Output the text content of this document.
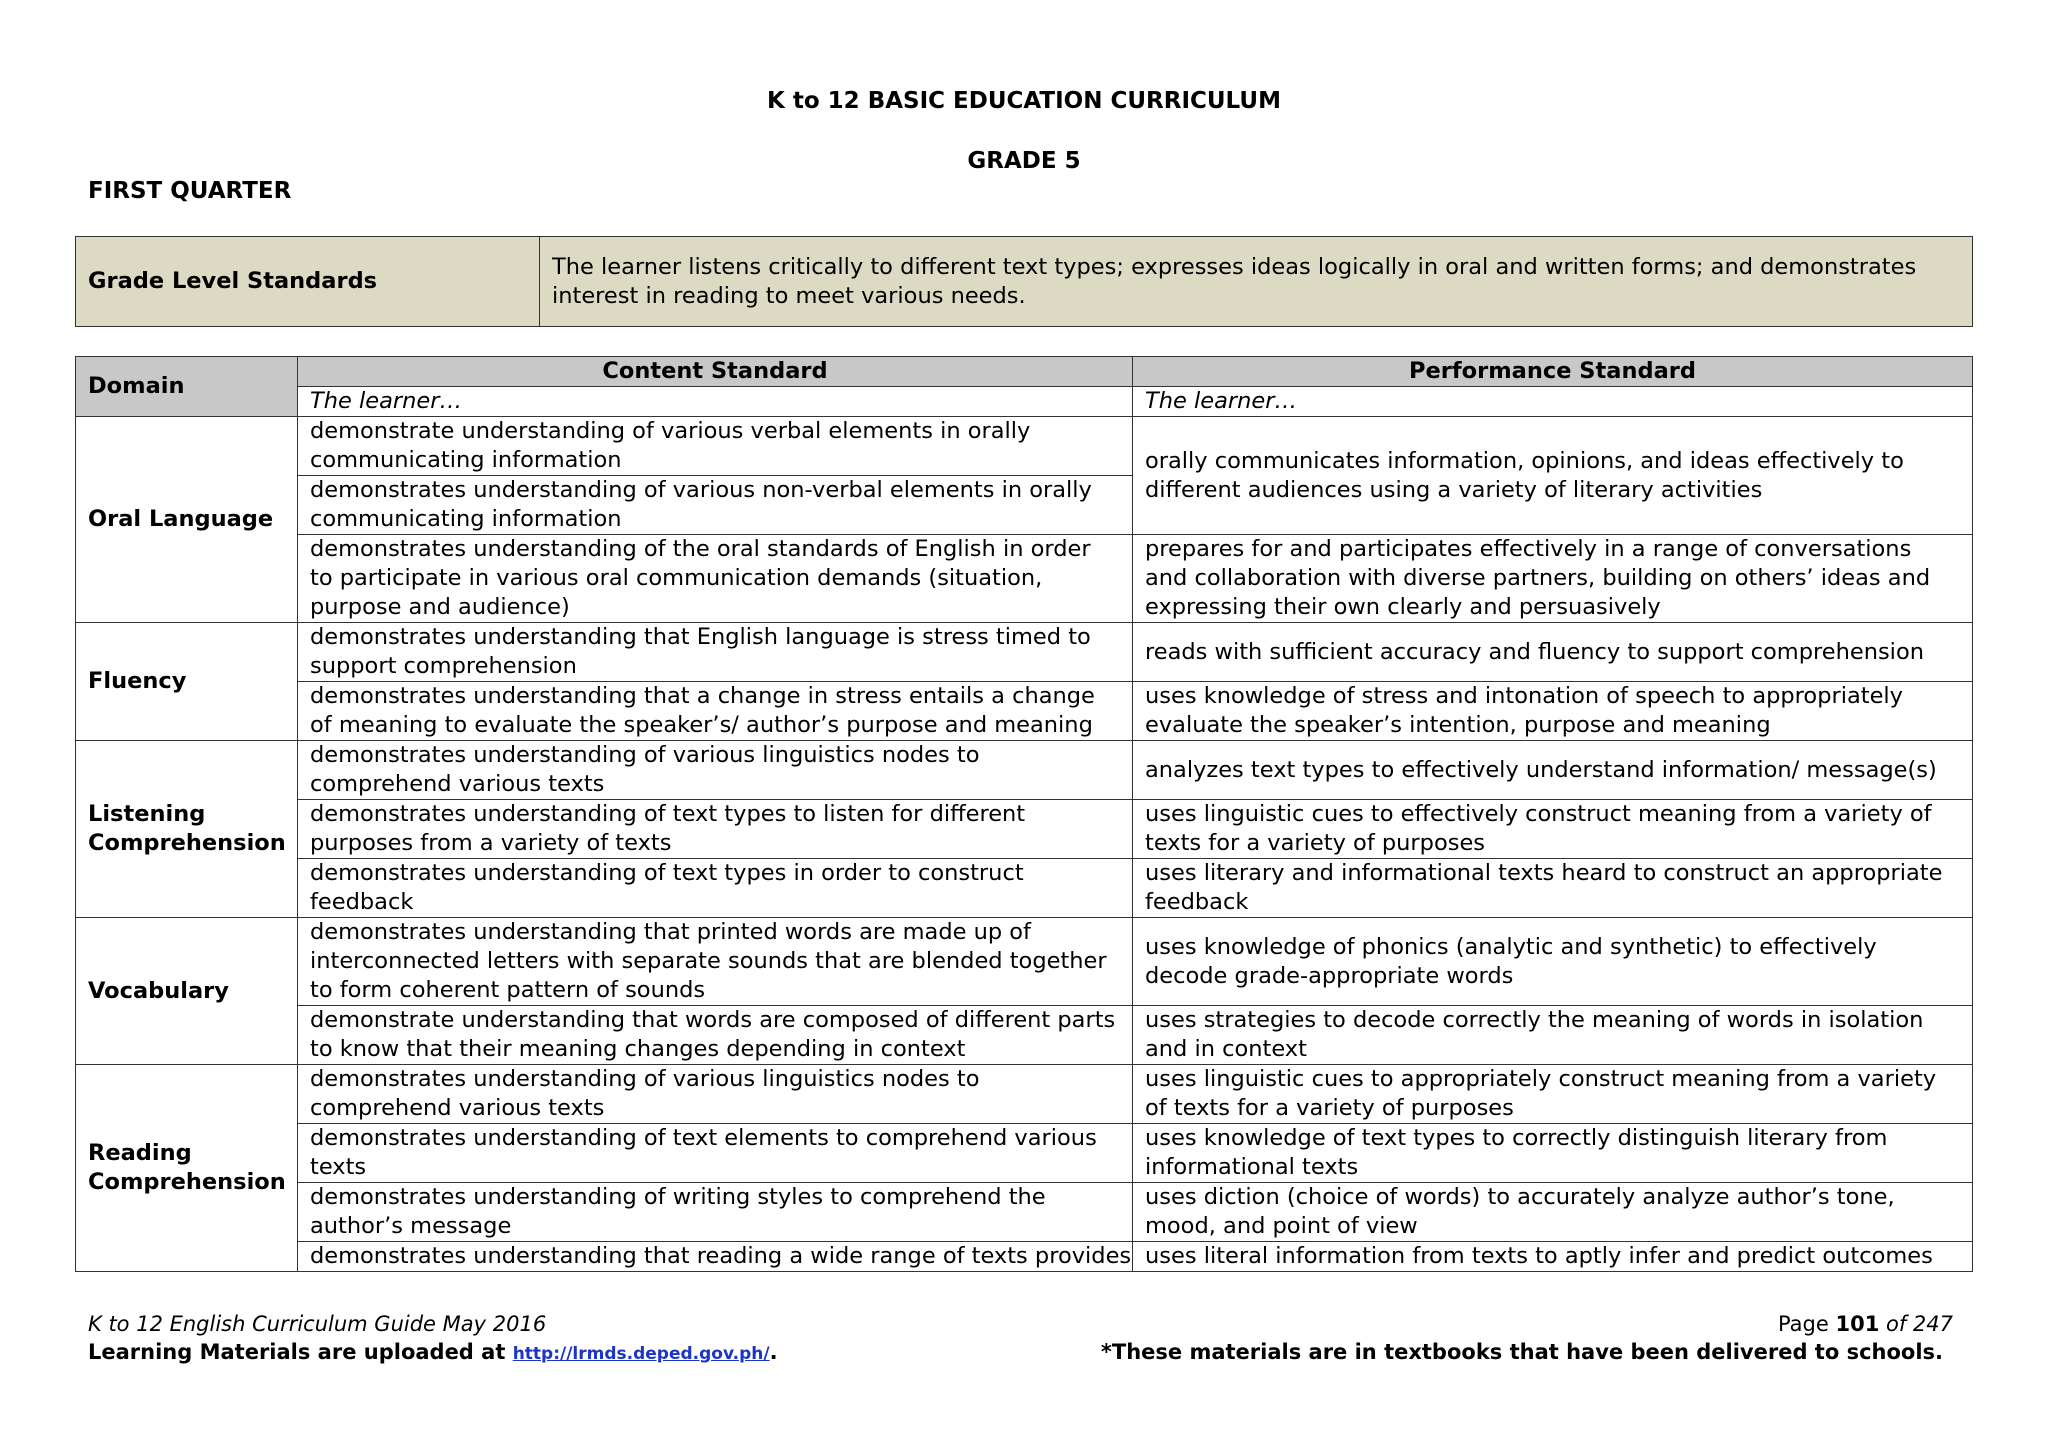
K to 12 BASIC EDUCATION CURRICULUM
GRADE 5
FIRST QUARTER
Grade Level Standards	The learner listens critically to different text types; expresses ideas logically in oral and written forms; and demonstrates interest in reading to meet various needs.
Domain	Content Standard	Performance Standard
	The learner…	The learner…
Oral Language	demonstrate understanding of various verbal elements in orally communicating information	orally communicates information, opinions, and ideas effectively to different audiences using a variety of literary activities
	demonstrates understanding of various non-verbal elements in orally communicating information	
	demonstrates understanding of the oral standards of English in order to participate in various oral communication demands (situation, purpose and audience)	prepares for and participates effectively in a range of conversations and collaboration with diverse partners, building on others’ ideas and expressing their own clearly and persuasively
Fluency	demonstrates understanding that English language is stress timed to support comprehension	reads with sufficient accuracy and fluency to support comprehension
	demonstrates understanding that a change in stress entails a change of meaning to evaluate the speaker’s/ author’s purpose and meaning	uses knowledge of stress and intonation of speech to appropriately evaluate the speaker’s intention, purpose and meaning
Listening Comprehension	demonstrates understanding of various linguistics nodes to comprehend various texts	analyzes text types to effectively understand information/ message(s)
	demonstrates understanding of text types to listen for different purposes from a variety of texts	uses linguistic cues to effectively construct meaning from a variety of texts for a variety of purposes
	demonstrates understanding of text types in order to construct feedback	uses literary and informational texts heard to construct an appropriate feedback
Vocabulary	demonstrates understanding that printed words are made up of interconnected letters with separate sounds that are blended together to form coherent pattern of sounds	uses knowledge of phonics (analytic and synthetic) to effectively decode grade-appropriate words
	demonstrate understanding that words are composed of different parts to know that their meaning changes depending in context	uses strategies to decode correctly the meaning of words in isolation and in context
Reading Comprehension	demonstrates understanding of various linguistics nodes to comprehend various texts	uses linguistic cues to appropriately construct meaning from a variety of texts for a variety of purposes
	demonstrates understanding of text elements to comprehend various texts	uses knowledge of text types to correctly distinguish literary from informational texts
	demonstrates understanding of writing styles to comprehend the author’s message	uses diction (choice of words) to accurately analyze author’s tone, mood, and point of view
	demonstrates understanding that reading a wide range of texts provides	uses literal information from texts to aptly infer and predict outcomes
K to 12 English Curriculum Guide May 2016	Page 101 of 247
Learning Materials are uploaded at http://lrmds.deped.gov.ph/.	*These materials are in textbooks that have been delivered to schools.
